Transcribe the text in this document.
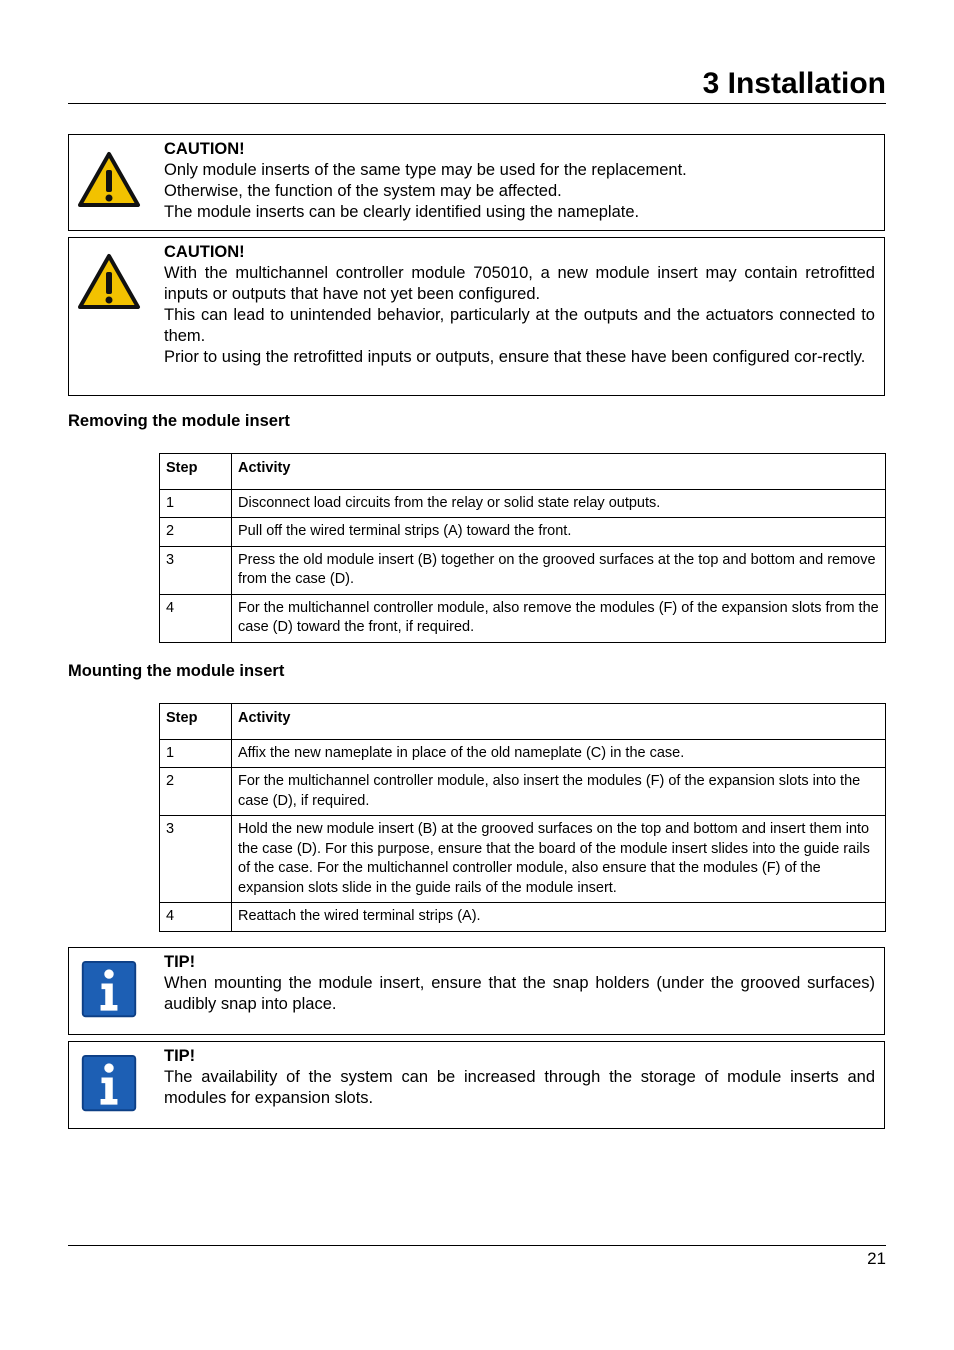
3 Installation

CAUTION!

Only module inserts of the same type may be used for the replacement.

Otherwise, the function of the system may be affected.

The module inserts can be clearly identified using the nameplate.

CAUTION!

With the multichannel controller module 705010, a new module insert may contain retrofitted inputs or outputs that have not yet been configured.

This can lead to unintended behavior, particularly at the outputs and the actuators connected to them.

Prior to using the retrofitted inputs or outputs, ensure that these have been configured cor-rectly.

Removing the module insert
Step	Activity
1	Disconnect load circuits from the relay or solid state relay outputs.
2	Pull off the wired terminal strips (A) toward the front.
3	Press the old module insert (B) together on the grooved surfaces at the top and bottom and remove from the case (D).
4	For the multichannel controller module, also remove the modules (F) of the expansion slots from the case (D) toward the front, if required.
Mounting the module insert
Step	Activity
1	Affix the new nameplate in place of the old nameplate (C) in the case.
2	For the multichannel controller module, also insert the modules (F) of the expansion slots into the case (D), if required.
3	Hold the new module insert (B) at the grooved surfaces on the top and bottom and insert them into the case (D). For this purpose, ensure that the board of the module insert slides into the guide rails of the case. For the multichannel controller module, also ensure that the modules (F) of the expansion slots slide in the guide rails of the module insert.
4	Reattach the wired terminal strips (A).

TIP!

When mounting the module insert, ensure that the snap holders (under the grooved surfaces) audibly snap into place.

TIP!

The availability of the system can be increased through the storage of module inserts and modules for expansion slots.

21
